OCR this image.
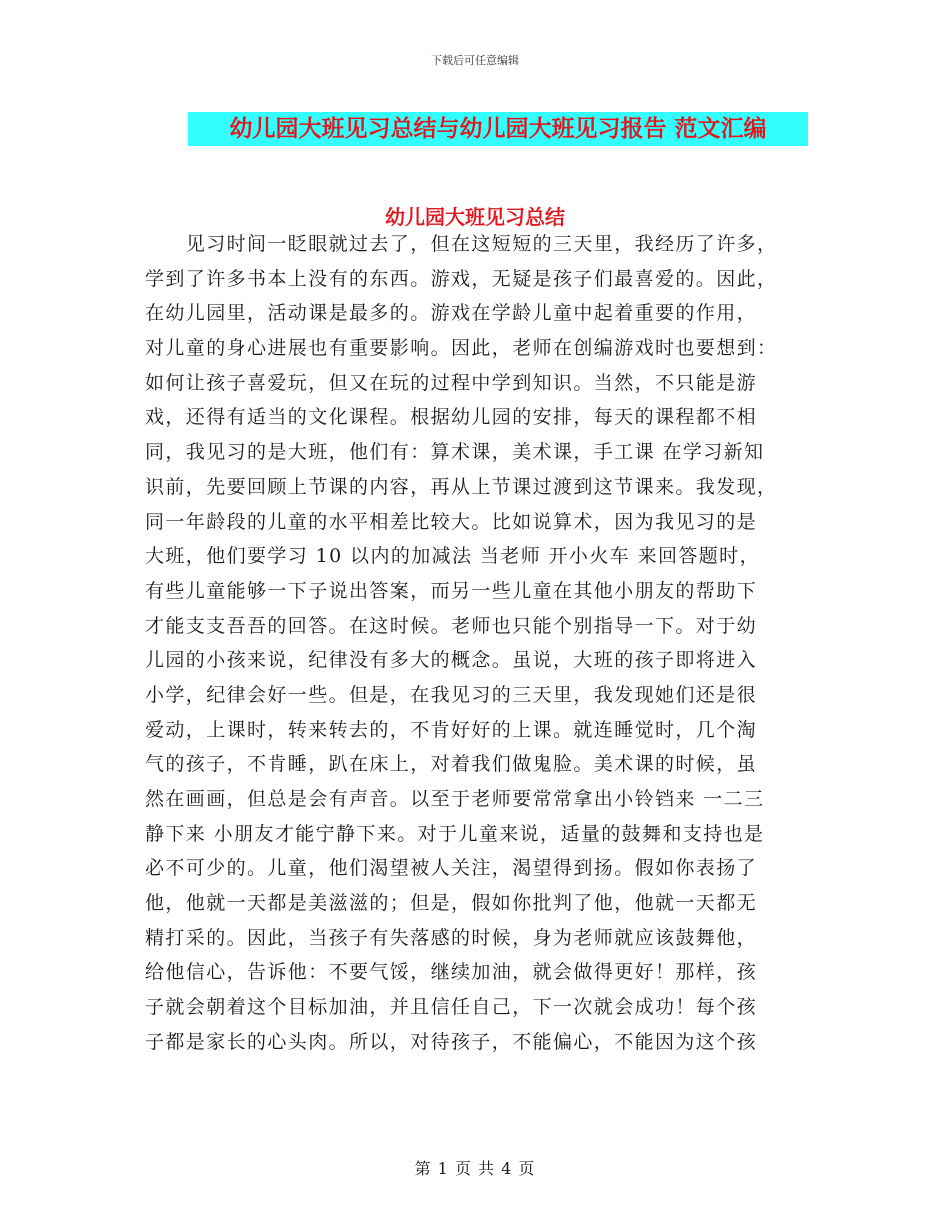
下载后可任意编辑
幼儿园大班见习总结与幼儿园大班见习报告 范文汇编
幼儿园大班见习总结
　　见习时间一眨眼就过去了，但在这短短的三天里，我经历了许多，
学到了许多书本上没有的东西。游戏，无疑是孩子们最喜爱的。因此，
在幼儿园里，活动课是最多的。游戏在学龄儿童中起着重要的作用，
对儿童的身心进展也有重要影响。因此，老师在创编游戏时也要想到：
如何让孩子喜爱玩，但又在玩的过程中学到知识。当然，不只能是游
戏，还得有适当的文化课程。根据幼儿园的安排，每天的课程都不相
同，我见习的是大班，他们有：算术课，美术课，手工课 在学习新知
识前，先要回顾上节课的内容，再从上节课过渡到这节课来。我发现，
同一年龄段的儿童的水平相差比较大。比如说算术，因为我见习的是
大班，他们要学习 10 以内的加减法 当老师 开小火车 来回答题时，
有些儿童能够一下子说出答案，而另一些儿童在其他小朋友的帮助下
才能支支吾吾的回答。在这时候。老师也只能个别指导一下。对于幼
儿园的小孩来说，纪律没有多大的概念。虽说，大班的孩子即将进入
小学，纪律会好一些。但是，在我见习的三天里，我发现她们还是很
爱动，上课时，转来转去的，不肯好好的上课。就连睡觉时，几个淘
气的孩子，不肯睡，趴在床上，对着我们做鬼脸。美术课的时候，虽
然在画画，但总是会有声音。以至于老师要常常拿出小铃铛来 一二三
静下来 小朋友才能宁静下来。对于儿童来说，适量的鼓舞和支持也是
必不可少的。儿童，他们渴望被人关注，渴望得到扬。假如你表扬了
他，他就一天都是美滋滋的；但是，假如你批判了他，他就一天都无
精打采的。因此，当孩子有失落感的时候，身为老师就应该鼓舞他，
给他信心，告诉他：不要气馁，继续加油，就会做得更好！那样，孩
子就会朝着这个目标加油，并且信任自己，下一次就会成功！每个孩
子都是家长的心头肉。所以，对待孩子，不能偏心，不能因为这个孩
第 1 页 共 4 页
